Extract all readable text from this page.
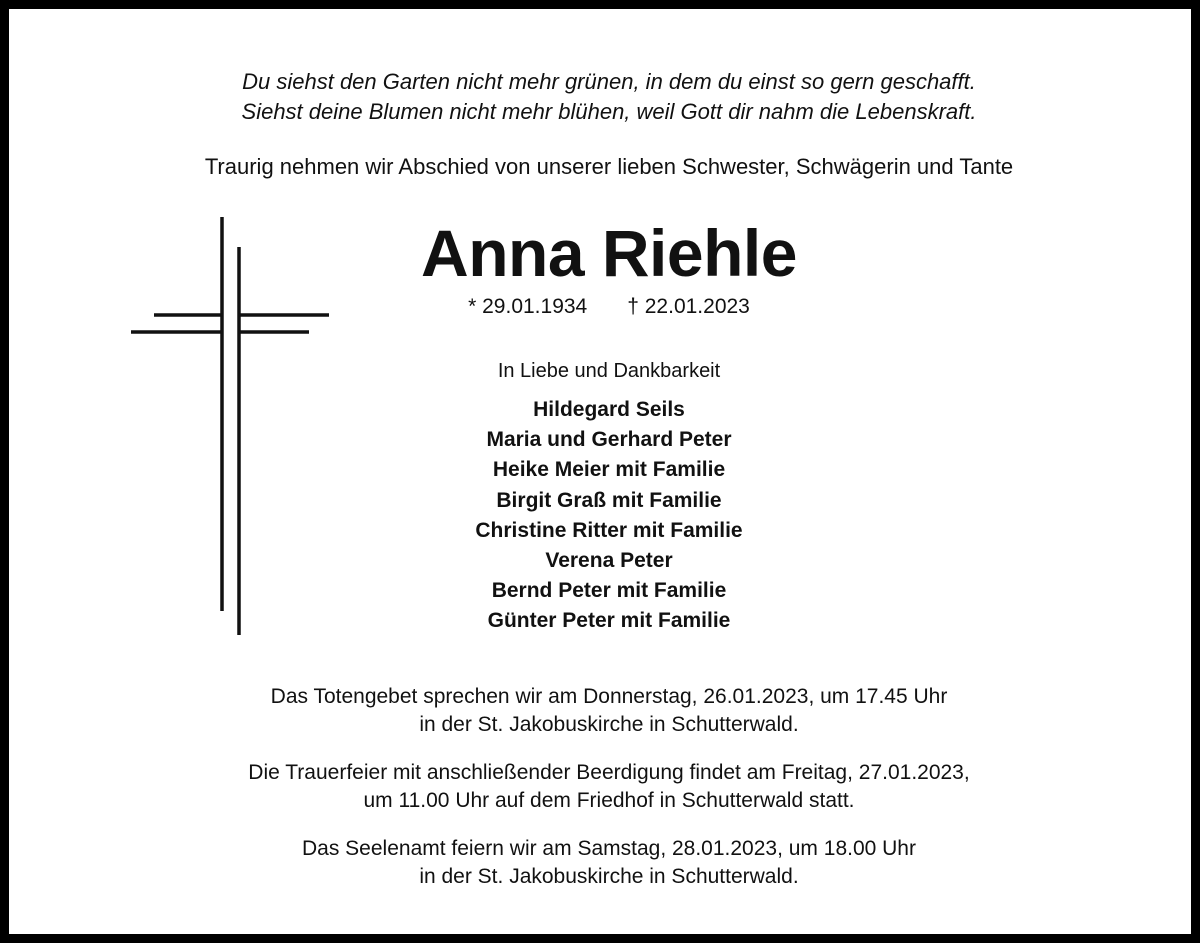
Du siehst den Garten nicht mehr grünen, in dem du einst so gern geschafft.
Siehst deine Blumen nicht mehr blühen, weil Gott dir nahm die Lebenskraft.
Traurig nehmen wir Abschied von unserer lieben Schwester, Schwägerin und Tante
Anna Riehle
* 29.01.1934 † 22.01.2023
In Liebe und Dankbarkeit
Hildegard Seils
Maria und Gerhard Peter
Heike Meier mit Familie
Birgit Graß mit Familie
Christine Ritter mit Familie
Verena Peter
Bernd Peter mit Familie
Günter Peter mit Familie
Das Totengebet sprechen wir am Donnerstag, 26.01.2023, um 17.45 Uhr
in der St. Jakobuskirche in Schutterwald.
Die Trauerfeier mit anschließender Beerdigung findet am Freitag, 27.01.2023,
um 11.00 Uhr auf dem Friedhof in Schutterwald statt.
Das Seelenamt feiern wir am Samstag, 28.01.2023, um 18.00 Uhr
in der St. Jakobuskirche in Schutterwald.
